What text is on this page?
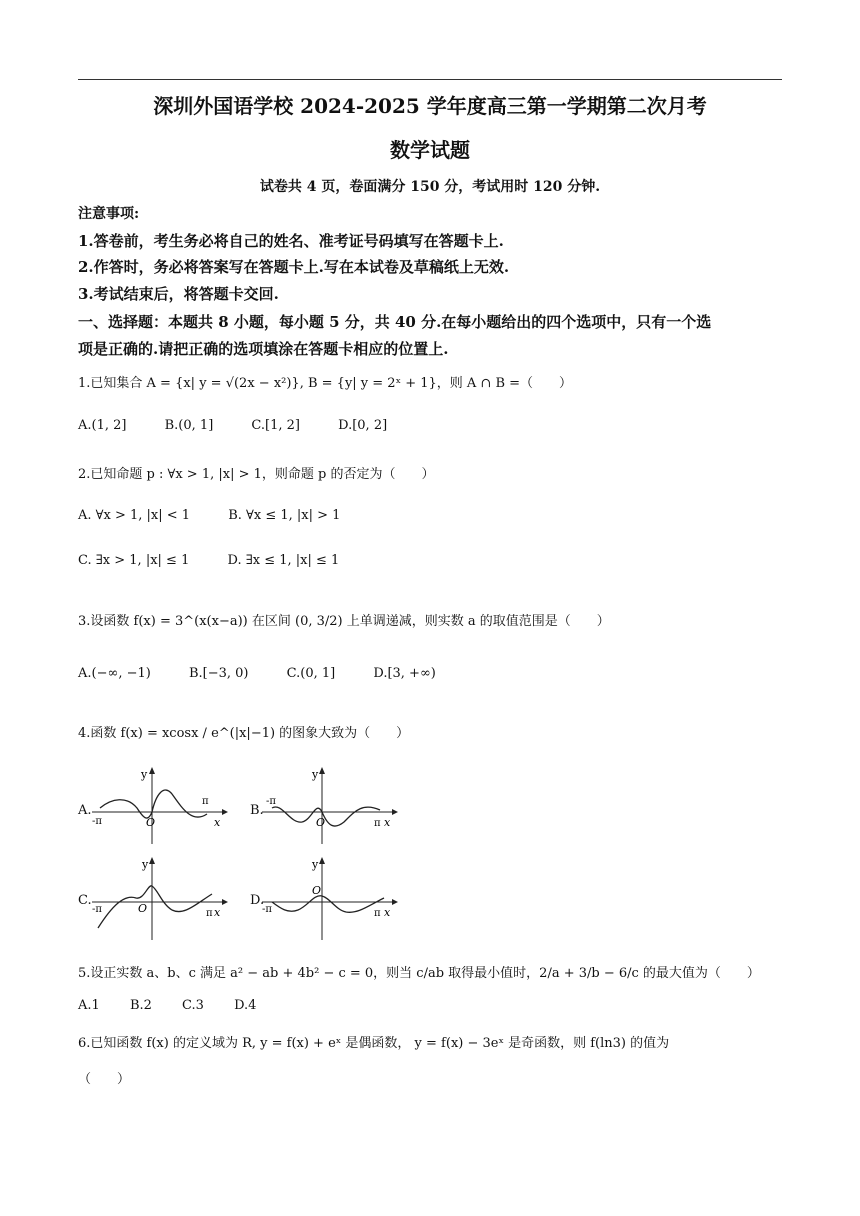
深圳外国语学校 2024-2025 学年度高三第一学期第二次月考
数学试题
试卷共 4 页，卷面满分 150 分，考试用时 120 分钟.
注意事项:
1.答卷前，考生务必将自己的姓名、准考证号码填写在答题卡上.
2.作答时，务必将答案写在答题卡上.写在本试卷及草稿纸上无效.
3.考试结束后，将答题卡交回.
一、选择题：本题共 8 小题，每小题 5 分，共 40 分.在每小题给出的四个选项中，只有一个选
项是正确的.请把正确的选项填涂在答题卡相应的位置上.
1.已知集合 A = {x| y = √(2x − x²)}, B = {y| y = 2ˣ + 1}，则 A ∩ B =（　　）
A.(1, 2]	B.(0, 1]	C.[1, 2]	D.[0, 2]
2.已知命题 p : ∀x > 1, |x| > 1，则命题 p 的否定为（　　）
A. ∀x > 1, |x| < 1	B. ∀x ≤ 1, |x| > 1
C. ∃x > 1, |x| ≤ 1	D. ∃x ≤ 1, |x| ≤ 1
3.设函数 f(x) = 3^(x(x−a)) 在区间 (0, 3/2) 上单调递减，则实数 a 的取值范围是（　　）
A.(−∞, −1)	B.[−3, 0)	C.(0, 1]	D.[3, +∞)
4.函数 f(x) = xcosx / e^(|x|−1) 的图象大致为（　　）
A.
y
x
O
π
-π
B.
y
x
O	π
-π
C.
y
π x
O
-π
D.
y
O
π x
-π
5.设正实数 a、b、c 满足 a² − ab + 4b² − c = 0，则当 c/ab 取得最小值时，2/a + 3/b − 6/c 的最大值为（　　）
A.1 B.2 C.3 D.4
6.已知函数 f(x) 的定义域为 R, y = f(x) + eˣ 是偶函数， y = f(x) − 3eˣ 是奇函数，则 f(ln3) 的值为
（　　）
